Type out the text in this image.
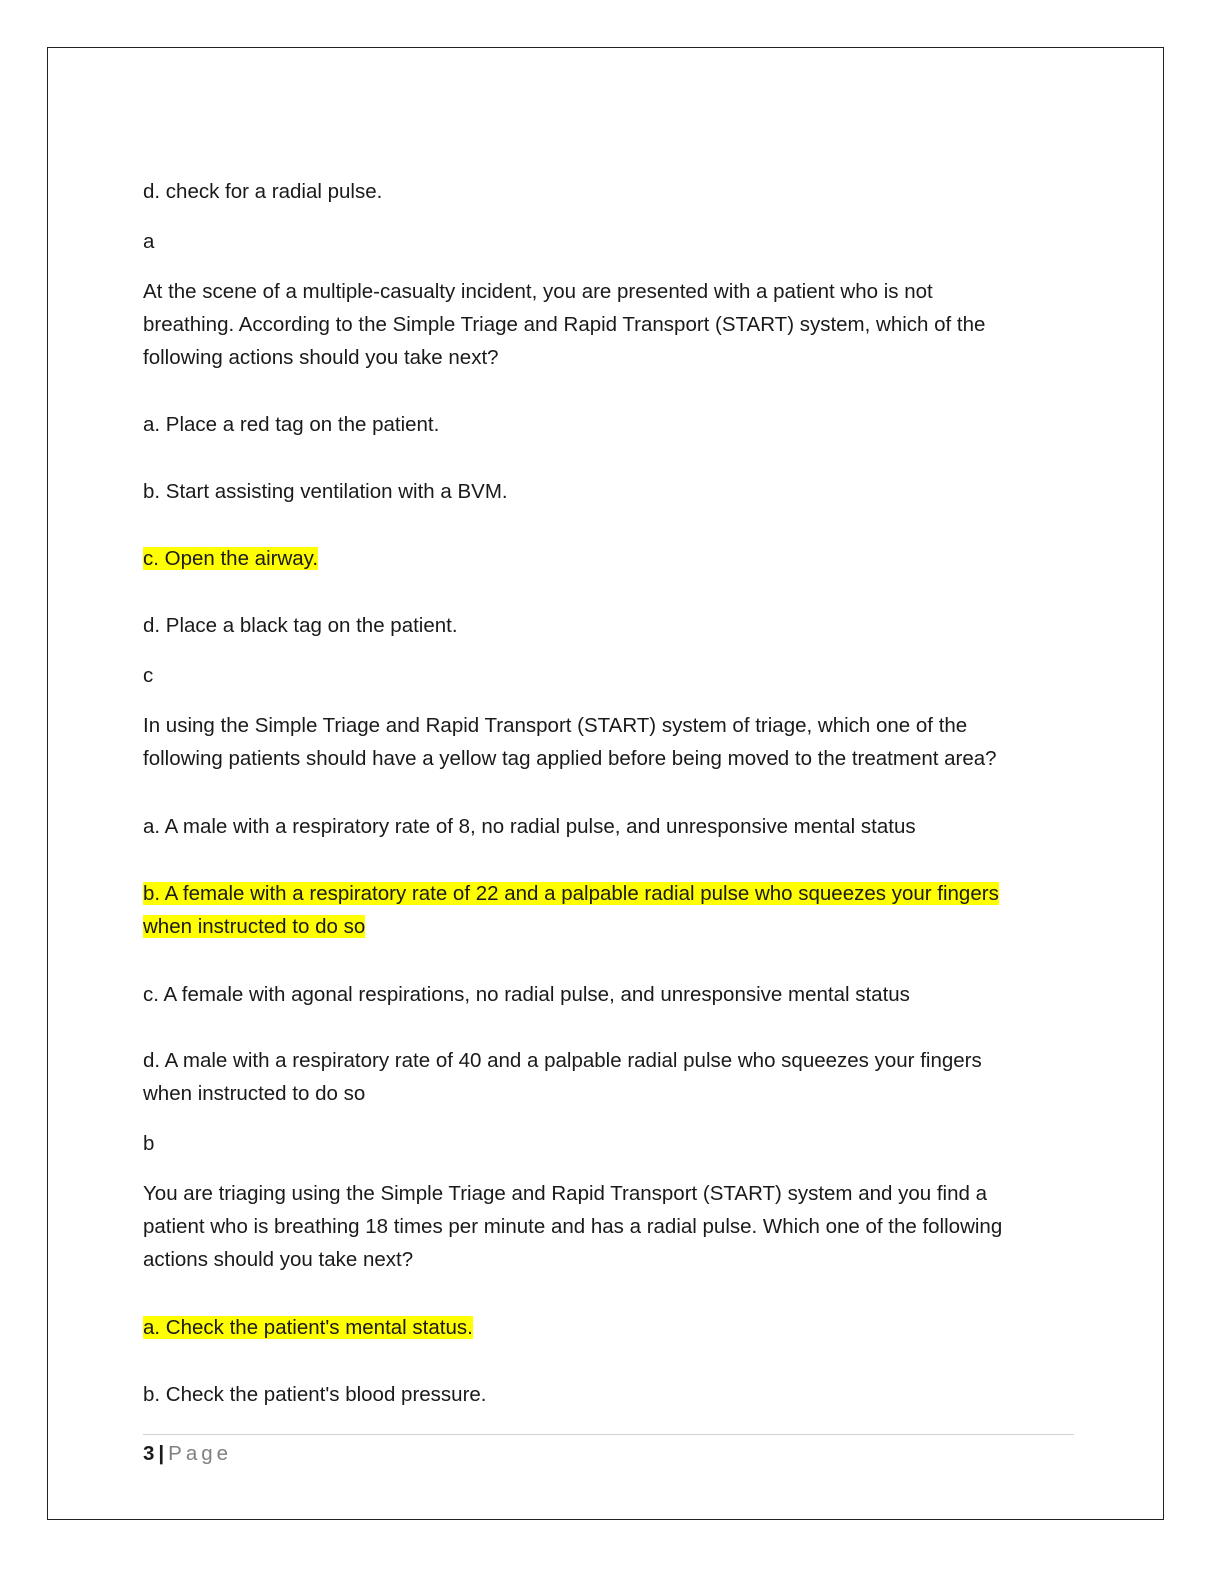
d. check for a radial pulse.
a
At the scene of a multiple-casualty incident, you are presented with a patient who is not
breathing. According to the Simple Triage and Rapid Transport (START) system, which of the
following actions should you take next?
a. Place a red tag on the patient.
b. Start assisting ventilation with a BVM.
c. Open the airway.
d. Place a black tag on the patient.
c
In using the Simple Triage and Rapid Transport (START) system of triage, which one of the
following patients should have a yellow tag applied before being moved to the treatment area?
a. A male with a respiratory rate of 8, no radial pulse, and unresponsive mental status
b. A female with a respiratory rate of 22 and a palpable radial pulse who squeezes your fingers
when instructed to do so
c. A female with agonal respirations, no radial pulse, and unresponsive mental status
d. A male with a respiratory rate of 40 and a palpable radial pulse who squeezes your fingers
when instructed to do so
b
You are triaging using the Simple Triage and Rapid Transport (START) system and you find a
patient who is breathing 18 times per minute and has a radial pulse. Which one of the following
actions should you take next?
a. Check the patient's mental status.
b. Check the patient's blood pressure.
3 | Page
